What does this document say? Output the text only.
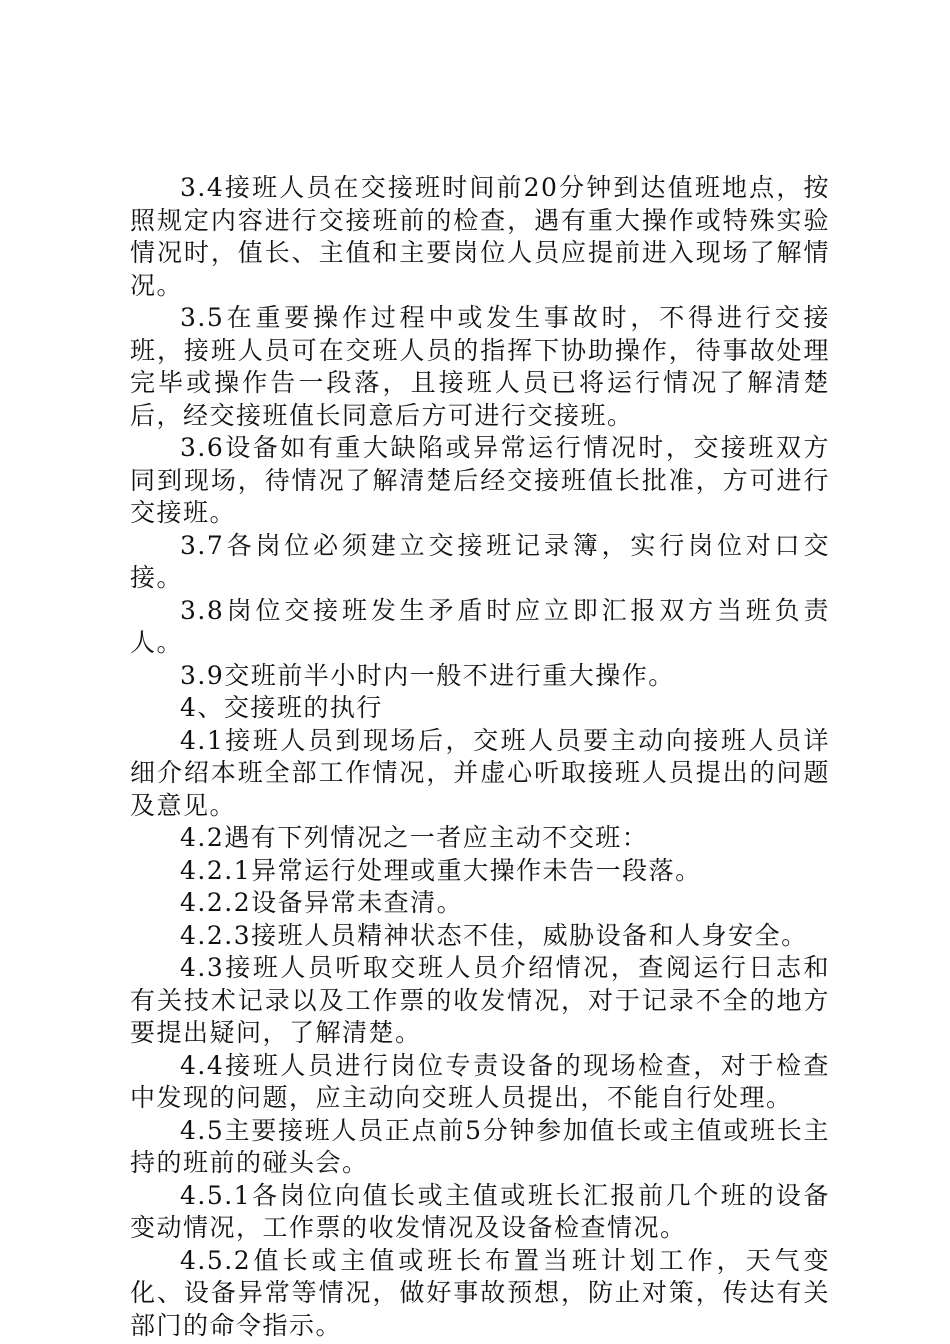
3.4接班人员在交接班时间前20分钟到达值班地点，按照规定内容进行交接班前的检查，遇有重大操作或特殊实验情况时，值长、主值和主要岗位人员应提前进入现场了解情况。

3.5在重要操作过程中或发生事故时，不得进行交接班，接班人员可在交班人员的指挥下协助操作，待事故处理完毕或操作告一段落，且接班人员已将运行情况了解清楚后，经交接班值长同意后方可进行交接班。

3.6设备如有重大缺陷或异常运行情况时，交接班双方同到现场，待情况了解清楚后经交接班值长批准，方可进行交接班。

3.7各岗位必须建立交接班记录簿，实行岗位对口交接。

3.8岗位交接班发生矛盾时应立即汇报双方当班负责人。

3.9交班前半小时内一般不进行重大操作。

4、交接班的执行

4.1接班人员到现场后，交班人员要主动向接班人员详细介绍本班全部工作情况，并虚心听取接班人员提出的问题及意见。

4.2遇有下列情况之一者应主动不交班：

4.2.1异常运行处理或重大操作未告一段落。

4.2.2设备异常未查清。

4.2.3接班人员精神状态不佳，威胁设备和人身安全。

4.3接班人员听取交班人员介绍情况，查阅运行日志和有关技术记录以及工作票的收发情况，对于记录不全的地方要提出疑问，了解清楚。

4.4接班人员进行岗位专责设备的现场检查，对于检查中发现的问题，应主动向交班人员提出，不能自行处理。

4.5主要接班人员正点前5分钟参加值长或主值或班长主持的班前的碰头会。

4.5.1各岗位向值长或主值或班长汇报前几个班的设备变动情况，工作票的收发情况及设备检查情况。

4.5.2值长或主值或班长布置当班计划工作，天气变化、设备异常等情况，做好事故预想，防止对策，传达有关部门的命令指示。
